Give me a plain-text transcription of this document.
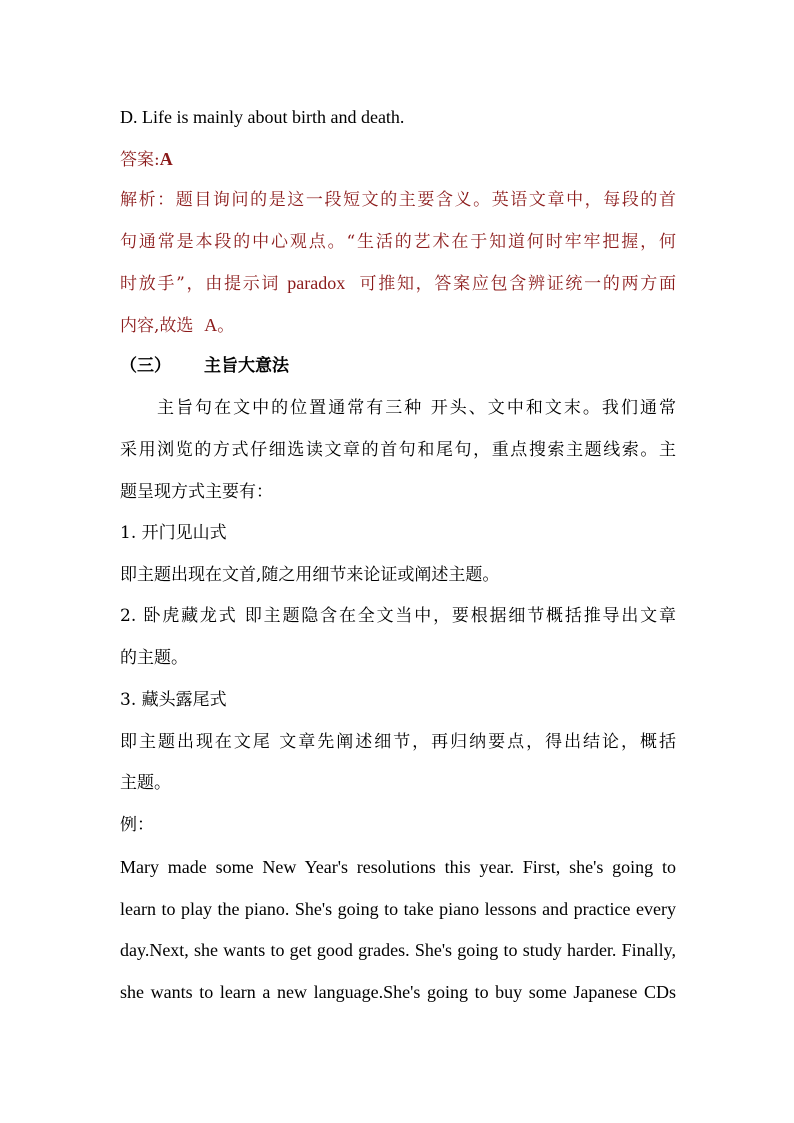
D. Life is mainly about birth and death.
答案:A
解析：题目询问的是这一段短文的主要含义。英语文章中，每段的首
句通常是本段的中心观点。“生活的艺术在于知道何时牢牢把握，何
时放手”，由提示词 paradox 可推知，答案应包含辨证统一的两方面
内容,故选 A。
（三） 主旨大意法
主旨句在文中的位置通常有三种 开头、文中和文末。我们通常
采用浏览的方式仔细选读文章的首句和尾句，重点搜索主题线索。主
题呈现方式主要有：
1. 开门见山式
即主题出现在文首,随之用细节来论证或阐述主题。
2. 卧虎藏龙式 即主题隐含在全文当中，要根据细节概括推导出文章
的主题。
3. 藏头露尾式
即主题出现在文尾 文章先阐述细节，再归纳要点，得出结论，概括
主题。
例：
Mary made some New Year's resolutions this year. First, she's going to
learn to play the piano. She's going to take piano lessons and practice every
day.Next, she wants to get good grades. She's going to study harder. Finally,
she wants to learn a new language.She's going to buy some Japanese CDs
